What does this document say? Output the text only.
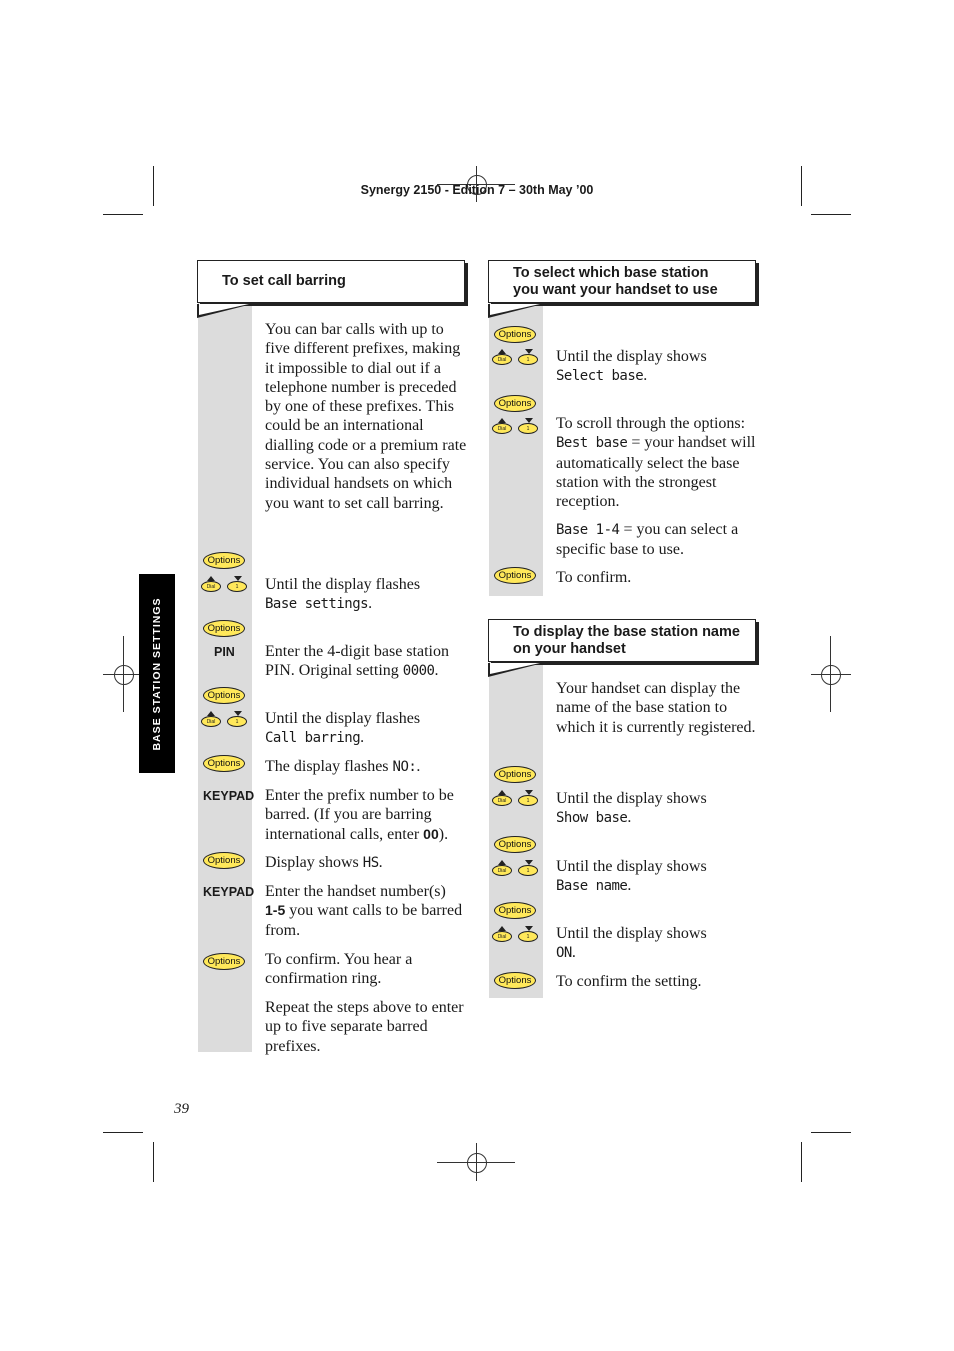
Synergy 2150 - Edition 7 – 30th May ’00
BASE STATION SETTINGS
To set call barring
You can bar calls with up to five different prefixes, making it impossible to dial out if a telephone number is preceded by one of these prefixes. This could be an international dialling code or a premium rate service. You can also specify individual handsets on which you want to set call barring.
Options
Dial	1	Until the display flashes
Base settings.
Options
PIN Enter the 4-digit base station PIN. Original setting 0000.
Options
Dial	1	Until the display flashes
Call barring.
Options The display flashes NO:.
KEYPAD Enter the prefix number to be barred. (If you are barring international calls, enter 00).
Options Display shows HS.
KEYPAD Enter the handset number(s)
1-5 you want calls to be barred from.
Options To confirm. You hear a confirmation ring.
Repeat the steps above to enter up to five separate barred prefixes.
To select which base station
you want your handset to use
Options
Dial	1	Until the display shows
Select base.
Options
Dial	1	To scroll through the options:
Best base = your handset will automatically select the base station with the strongest reception.
Base 1-4 = you can select a specific base to use.
Options To confirm.
To display the base station name
on your handset
Your handset can display the name of the base station to which it is currently registered.
Options
Dial	1	Until the display shows
Show base.
Options
Dial	1	Until the display shows
Base name.
Options
Dial	1	Until the display shows
ON.
Options To confirm the setting.
39
